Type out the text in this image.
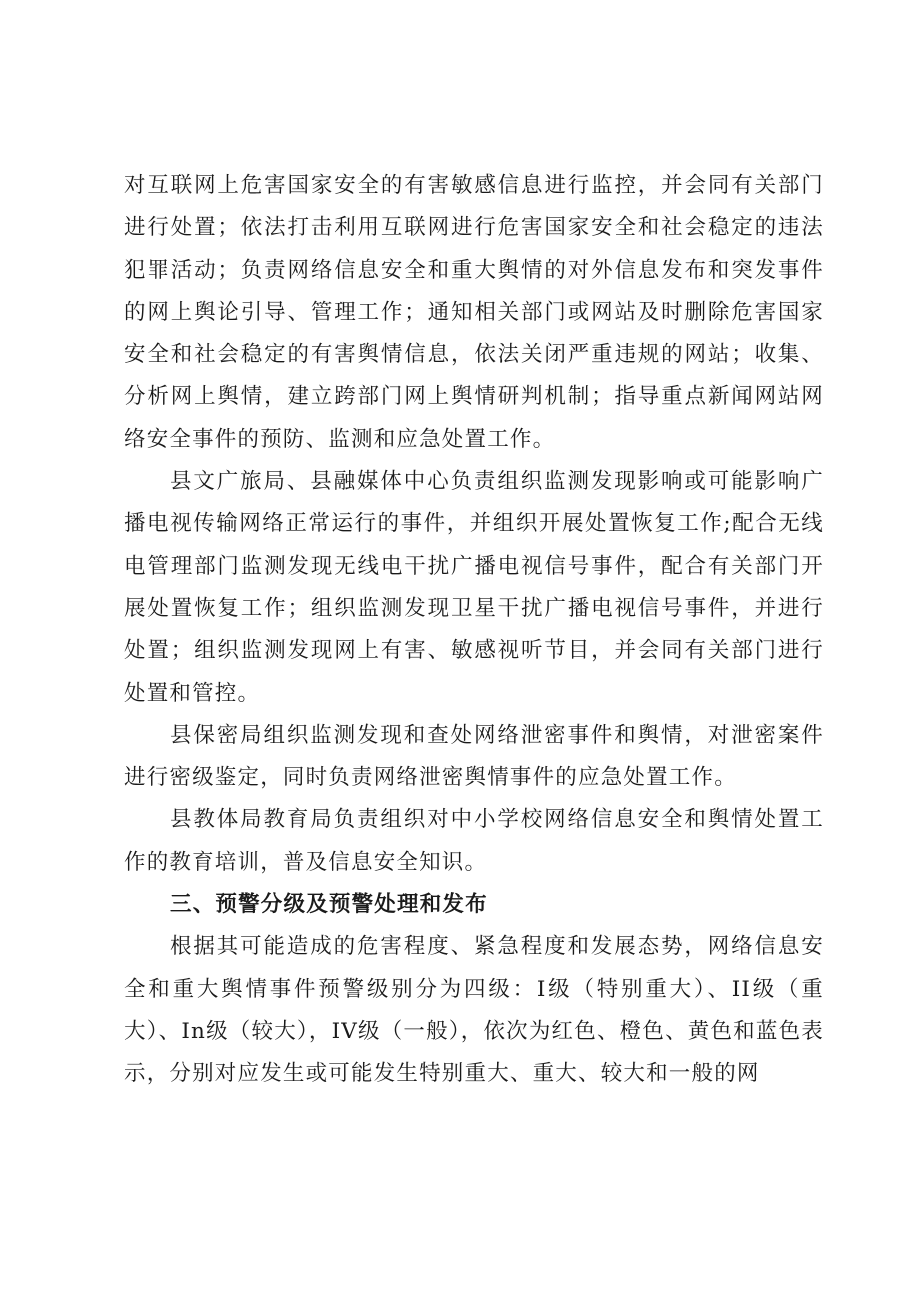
对互联网上危害国家安全的有害敏感信息进行监控，并会同有关部门进行处置；依法打击利用互联网进行危害国家安全和社会稳定的违法犯罪活动；负责网络信息安全和重大舆情的对外信息发布和突发事件的网上舆论引导、管理工作；通知相关部门或网站及时删除危害国家安全和社会稳定的有害舆情信息，依法关闭严重违规的网站；收集、分析网上舆情，建立跨部门网上舆情研判机制；指导重点新闻网站网络安全事件的预防、监测和应急处置工作。

县文广旅局、县融媒体中心负责组织监测发现影响或可能影响广播电视传输网络正常运行的事件，并组织开展处置恢复工作;配合无线电管理部门监测发现无线电干扰广播电视信号事件，配合有关部门开展处置恢复工作；组织监测发现卫星干扰广播电视信号事件，并进行处置；组织监测发现网上有害、敏感视听节目，并会同有关部门进行处置和管控。

县保密局组织监测发现和查处网络泄密事件和舆情，对泄密案件进行密级鉴定，同时负责网络泄密舆情事件的应急处置工作。

县教体局教育局负责组织对中小学校网络信息安全和舆情处置工作的教育培训，普及信息安全知识。

三、预警分级及预警处理和发布

根据其可能造成的危害程度、紧急程度和发展态势，网络信息安全和重大舆情事件预警级别分为四级：I级（特别重大）、II级（重大）、In级（较大），IV级（一般），依次为红色、橙色、黄色和蓝色表示，分别对应发生或可能发生特别重大、重大、较大和一般的网
